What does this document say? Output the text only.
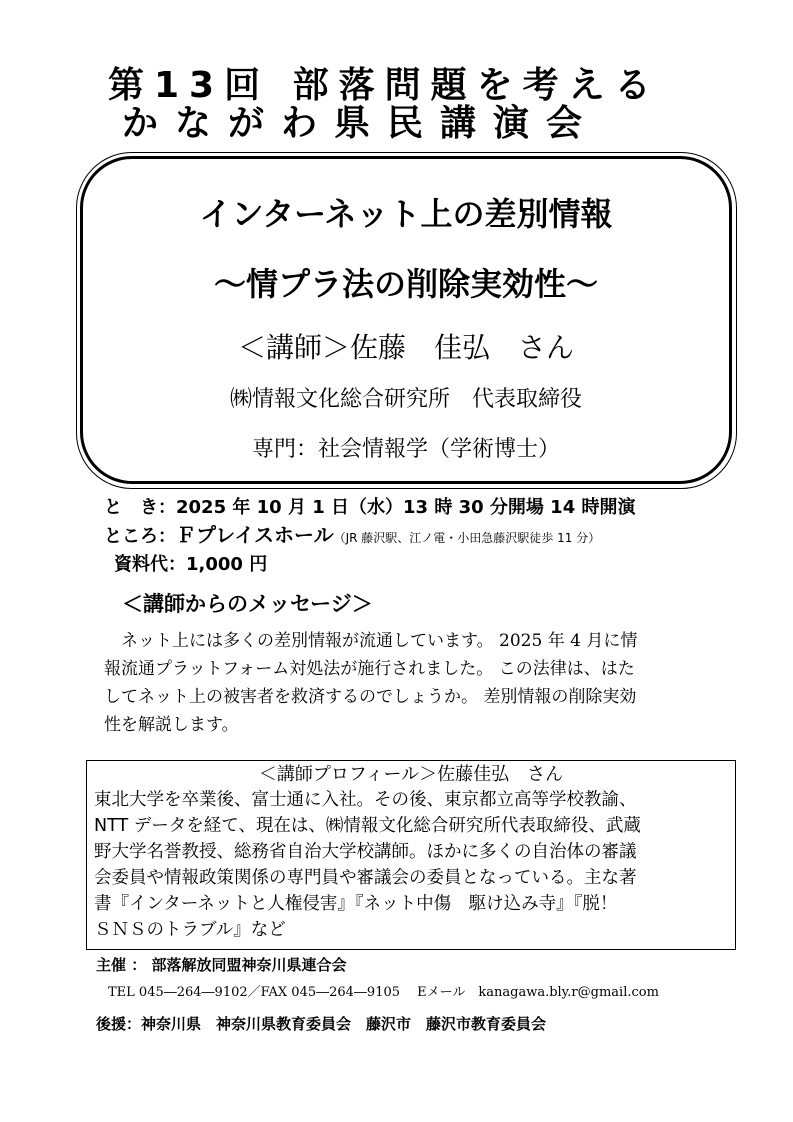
第13回 部落問題を考える
かながわ県民講演会
インターネット上の差別情報
～情プラ法の削除実効性～
＜講師＞佐藤　佳弘　さん
㈱情報文化総合研究所　代表取締役
専門：社会情報学（学術博士）
と　き：2025 年 10 月 1 日（水）13 時 30 分開場 14 時開演
ところ：Ｆプレイスホール（JR 藤沢駅、江ノ電・小田急藤沢駅徒歩 11 分）
資料代：1,000 円
＜講師からのメッセージ＞
　ネット上には多くの差別情報が流通しています。 2025 年 4 月に情
報流通プラットフォーム対処法が施行されました。 この法律は、はた
してネット上の被害者を救済するのでしょうか。 差別情報の削除実効
性を解説します。
＜講師プロフィール＞佐藤佳弘　さん
東北大学を卒業後、富士通に入社。その後、東京都立高等学校教諭、
NTT データを経て、現在は、㈱情報文化総合研究所代表取締役、武蔵
野大学名誉教授、総務省自治大学校講師。ほかに多くの自治体の審議
会委員や情報政策関係の専門員や審議会の委員となっている。主な著
書『インターネットと人権侵害』『ネット中傷　駆け込み寺』『脱！
ＳＮＳのトラブル』など
主催 ： 部落解放同盟神奈川県連合会
TEL 045―264―9102／FAX 045―264―9105　 Eメール　kanagawa.bly.r@gmail.com
後援：神奈川県　神奈川県教育委員会　藤沢市　藤沢市教育委員会
